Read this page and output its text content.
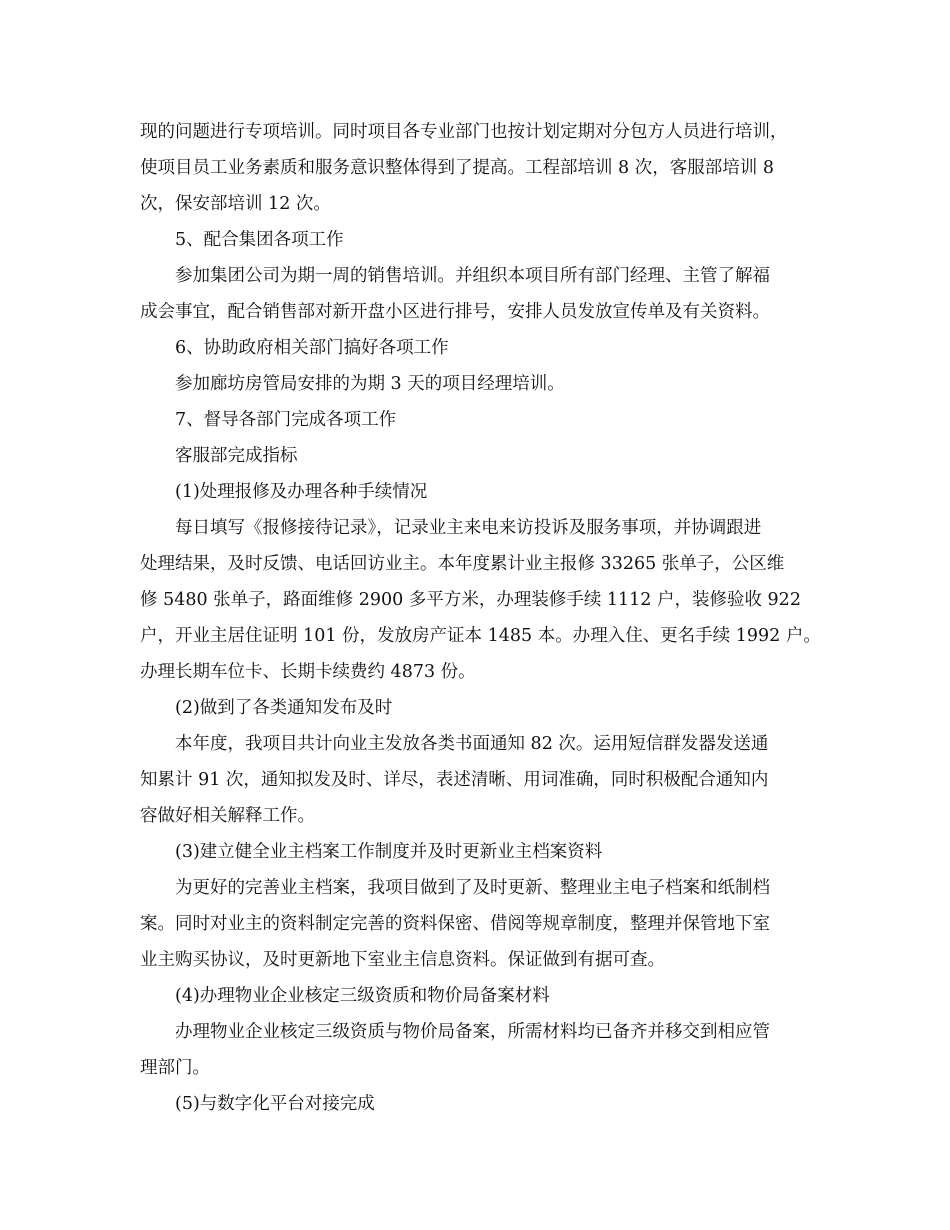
现的问题进行专项培训。同时项目各专业部门也按计划定期对分包方人员进行培训，
使项目员工业务素质和服务意识整体得到了提高。工程部培训 8 次，客服部培训 8
次，保安部培训 12 次。
5、配合集团各项工作
参加集团公司为期一周的销售培训。并组织本项目所有部门经理、主管了解福
成会事宜，配合销售部对新开盘小区进行排号，安排人员发放宣传单及有关资料。
6、协助政府相关部门搞好各项工作
参加廊坊房管局安排的为期 3 天的项目经理培训。
7、督导各部门完成各项工作
客服部完成指标
(1)处理报修及办理各种手续情况
每日填写《报修接待记录》，记录业主来电来访投诉及服务事项，并协调跟进
处理结果，及时反馈、电话回访业主。本年度累计业主报修 33265 张单子，公区维
修 5480 张单子，路面维修 2900 多平方米，办理装修手续 1112 户，装修验收 922
户，开业主居住证明 101 份，发放房产证本 1485 本。办理入住、更名手续 1992 户。
办理长期车位卡、长期卡续费约 4873 份。
(2)做到了各类通知发布及时
本年度，我项目共计向业主发放各类书面通知 82 次。运用短信群发器发送通
知累计 91 次，通知拟发及时、详尽，表述清晰、用词准确，同时积极配合通知内
容做好相关解释工作。
(3)建立健全业主档案工作制度并及时更新业主档案资料
为更好的完善业主档案，我项目做到了及时更新、整理业主电子档案和纸制档
案。同时对业主的资料制定完善的资料保密、借阅等规章制度，整理并保管地下室
业主购买协议，及时更新地下室业主信息资料。保证做到有据可查。
(4)办理物业企业核定三级资质和物价局备案材料
办理物业企业核定三级资质与物价局备案，所需材料均已备齐并移交到相应管
理部门。
(5)与数字化平台对接完成
